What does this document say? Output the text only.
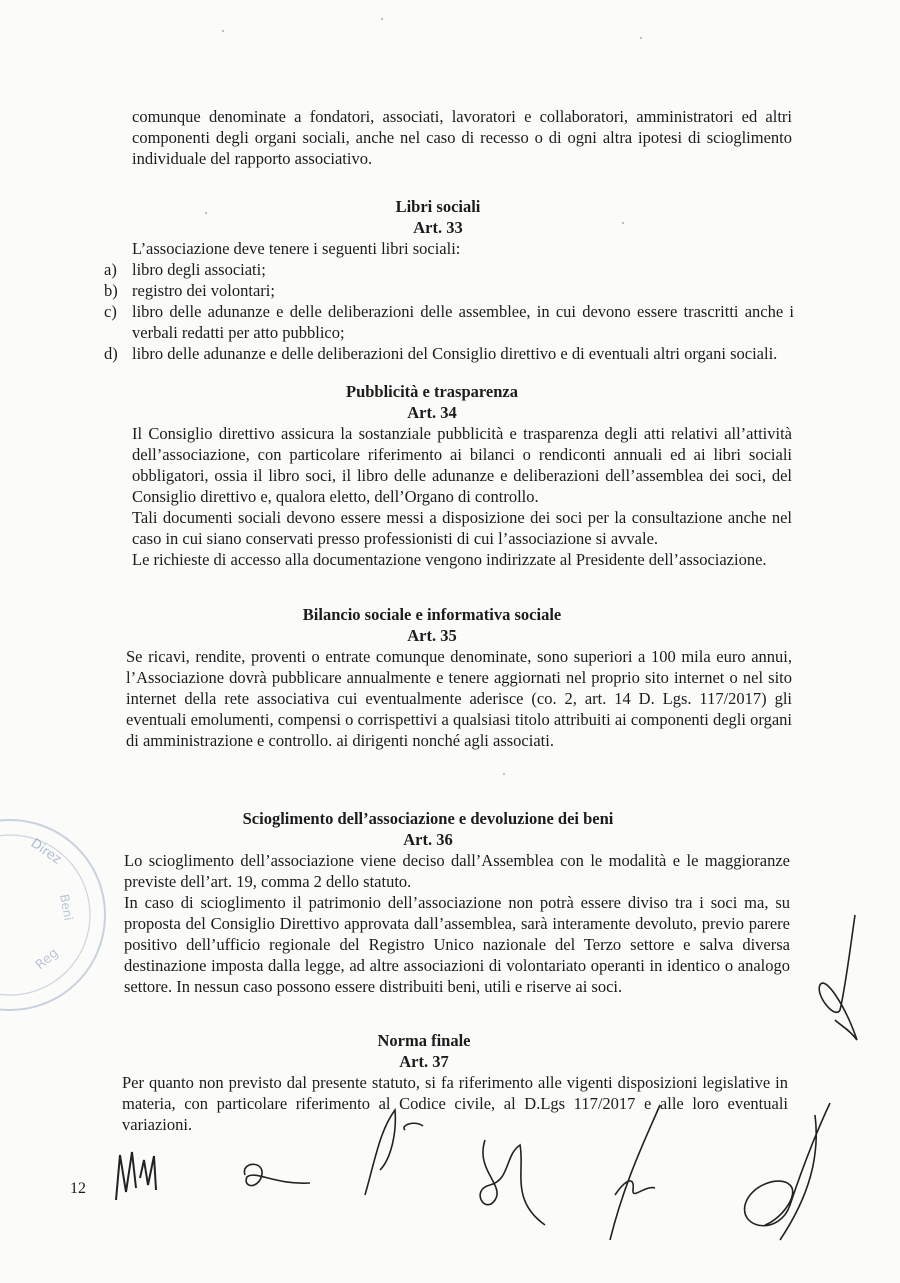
comunque denominate a fondatori, associati, lavoratori e collaboratori, amministratori ed altri componenti degli organi sociali, anche nel caso di recesso o di ogni altra ipotesi di scioglimento individuale del rapporto associativo.
Libri sociali
Art. 33
L’associazione deve tenere i seguenti libri sociali:
a) libro degli associati;
b) registro dei volontari;
c) libro delle adunanze e delle deliberazioni delle assemblee, in cui devono essere trascritti anche i verbali redatti per atto pubblico;
d) libro delle adunanze e delle deliberazioni del Consiglio direttivo e di eventuali altri organi sociali.
Pubblicità e trasparenza
Art. 34

Il Consiglio direttivo assicura la sostanziale pubblicità e trasparenza degli atti relativi all’attività dell’associazione, con particolare riferimento ai bilanci o rendiconti annuali ed ai libri sociali obbligatori, ossia il libro soci, il libro delle adunanze e deliberazioni dell’assemblea dei soci, del Consiglio direttivo e, qualora eletto, dell’Organo di controllo.

Tali documenti sociali devono essere messi a disposizione dei soci per la consultazione anche nel caso in cui siano conservati presso professionisti di cui l’associazione si avvale.

Le richieste di accesso alla documentazione vengono indirizzate al Presidente dell’associazione.

Bilancio sociale e informativa sociale
Art. 35

Se ricavi, rendite, proventi o entrate comunque denominate, sono superiori a 100 mila euro annui, l’Associazione dovrà pubblicare annualmente e tenere aggiornati nel proprio sito internet o nel sito internet della rete associativa cui eventualmente aderisce (co. 2, art. 14 D. Lgs. 117/2017) gli eventuali emolumenti, compensi o corrispettivi a qualsiasi titolo attribuiti ai componenti degli organi di amministrazione e controllo. ai dirigenti nonché agli associati.

Scioglimento dell’associazione e devoluzione dei beni
Art. 36

Lo scioglimento dell’associazione viene deciso dall’Assemblea con le modalità e le maggioranze previste dell’art. 19, comma 2 dello statuto.

In caso di scioglimento il patrimonio dell’associazione non potrà essere diviso tra i soci ma, su proposta del Consiglio Direttivo approvata dall’assemblea, sarà interamente devoluto, previo parere positivo dell’ufficio regionale del Registro Unico nazionale del Terzo settore e salva diversa destinazione imposta dalla legge, ad altre associazioni di volontariato operanti in identico o analogo settore. In nessun caso possono essere distribuiti beni, utili e riserve ai soci.

Norma finale
Art. 37

Per quanto non previsto dal presente statuto, si fa riferimento alle vigenti disposizioni legislative in materia, con particolare riferimento al Codice civile, al D.Lgs 117/2017 e alle loro eventuali variazioni.

12
Direz
Beni
Reg
